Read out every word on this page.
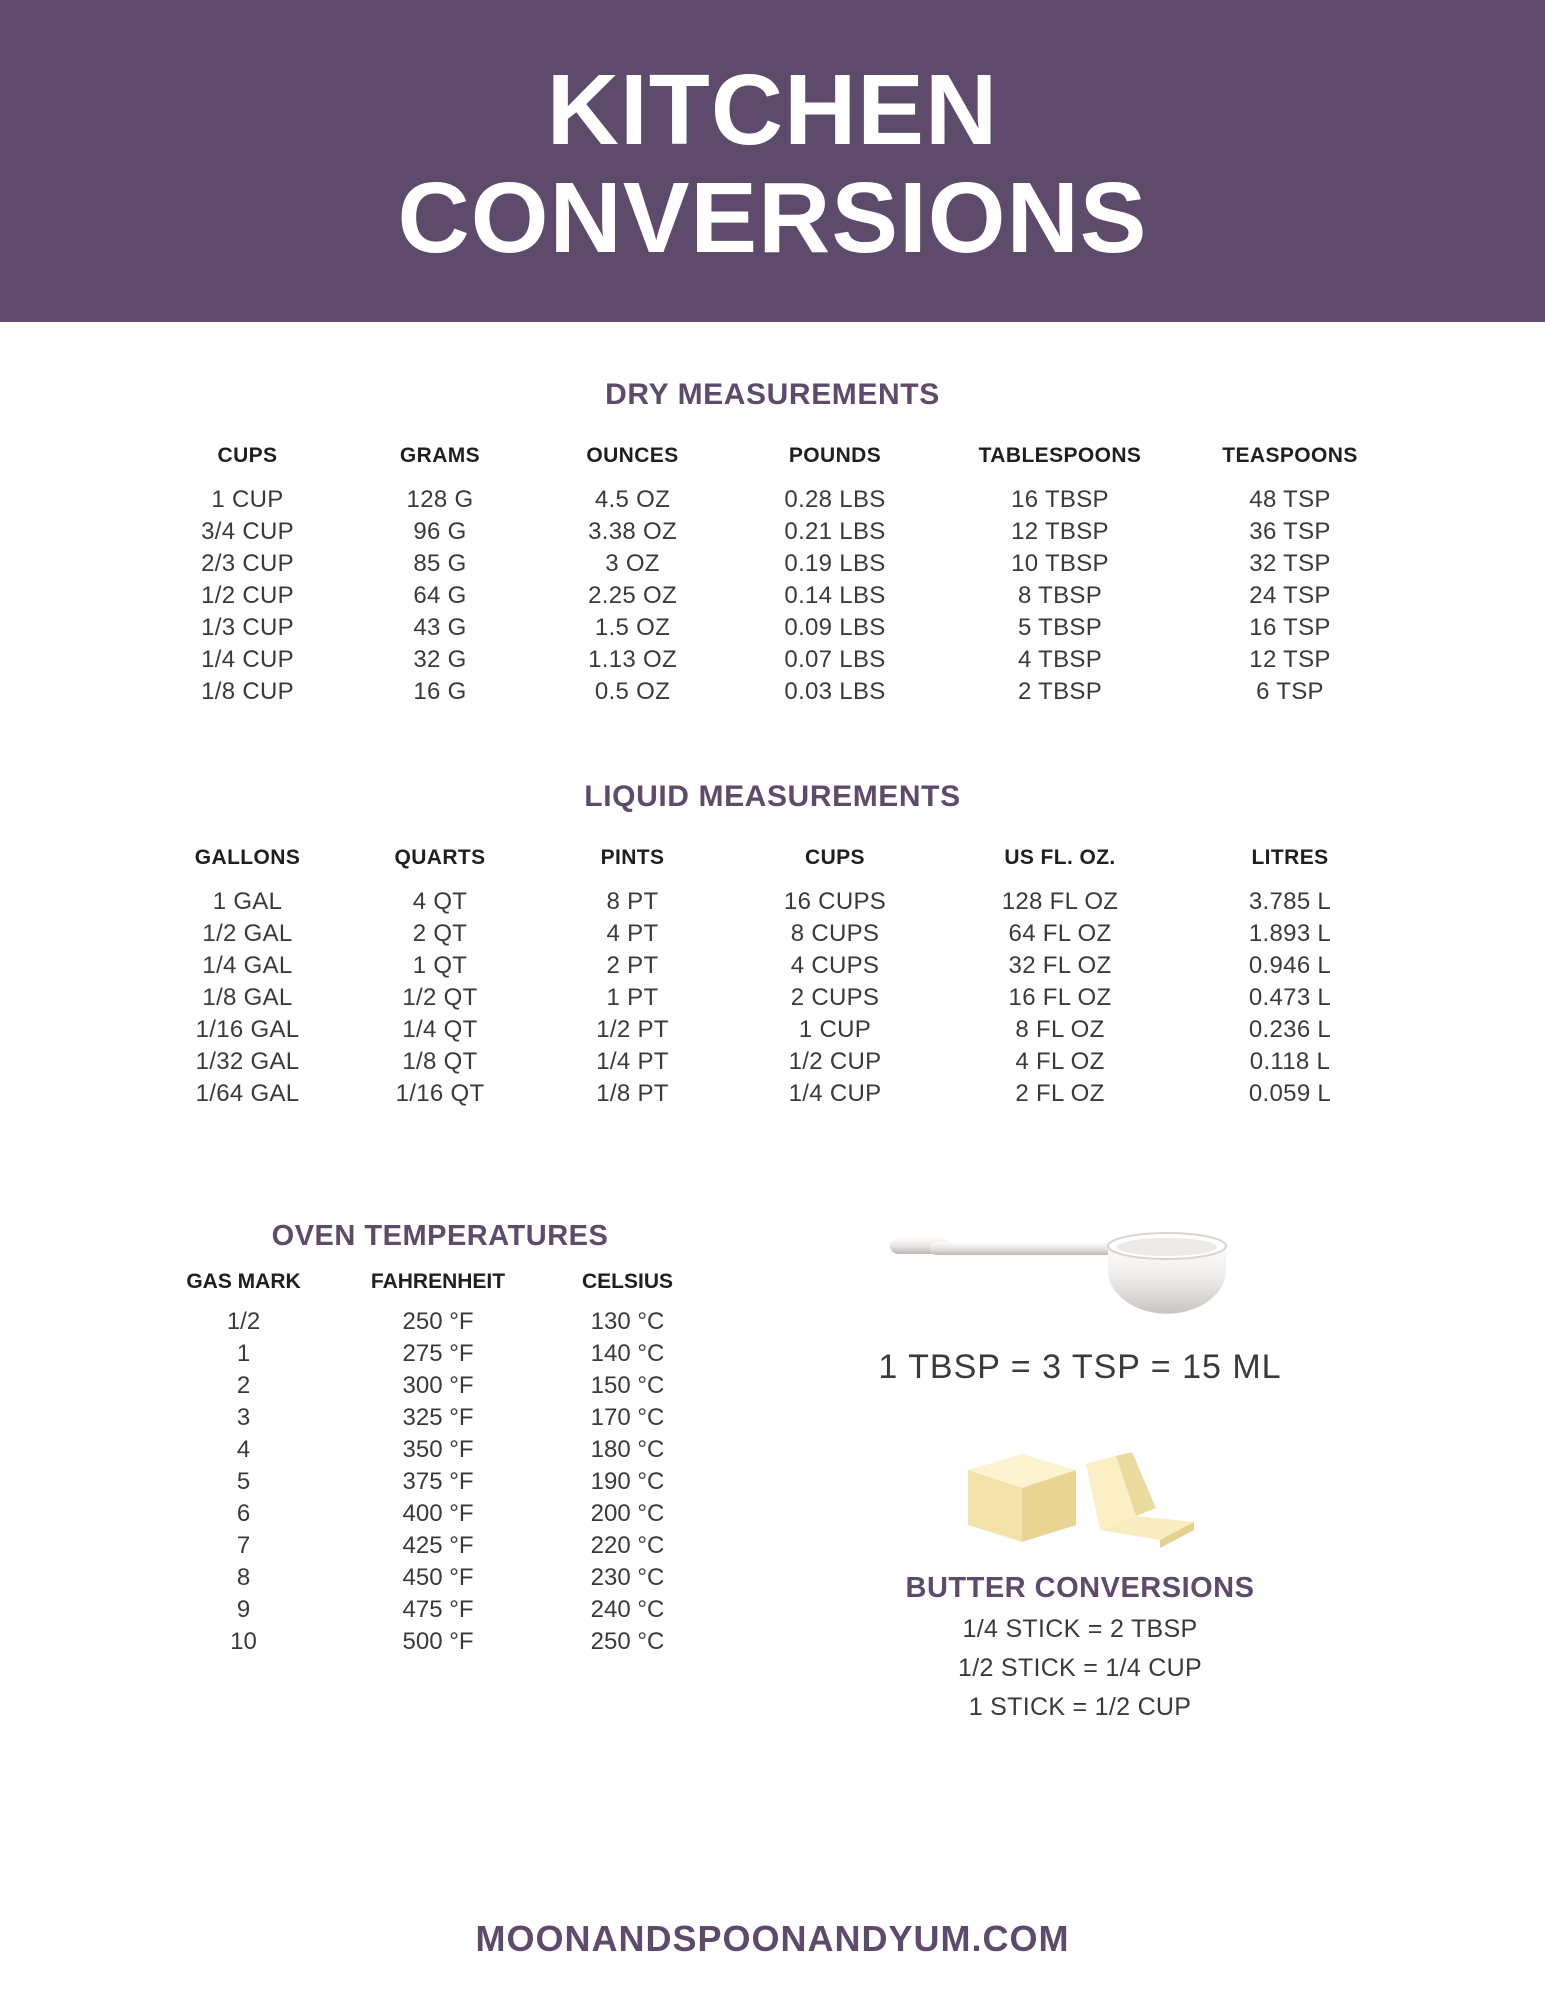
KITCHEN
CONVERSIONS
DRY MEASUREMENTS
CUPS	GRAMS	OUNCES	POUNDS	TABLESPOONS	TEASPOONS
1 CUP	128 G	4.5 OZ	0.28 LBS	16 TBSP	48 TSP
3/4 CUP	96 G	3.38 OZ	0.21 LBS	12 TBSP	36 TSP
2/3 CUP	85 G	3 OZ	0.19 LBS	10 TBSP	32 TSP
1/2 CUP	64 G	2.25 OZ	0.14 LBS	8 TBSP	24 TSP
1/3 CUP	43 G	1.5 OZ	0.09 LBS	5 TBSP	16 TSP
1/4 CUP	32 G	1.13 OZ	0.07 LBS	4 TBSP	12 TSP
1/8 CUP	16 G	0.5 OZ	0.03 LBS	2 TBSP	6 TSP
LIQUID MEASUREMENTS
GALLONS	QUARTS	PINTS	CUPS	US FL. OZ.	LITRES
1 GAL	4 QT	8 PT	16 CUPS	128 FL OZ	3.785 L
1/2 GAL	2 QT	4 PT	8 CUPS	64 FL OZ	1.893 L
1/4 GAL	1 QT	2 PT	4 CUPS	32 FL OZ	0.946 L
1/8 GAL	1/2 QT	1 PT	2 CUPS	16 FL OZ	0.473 L
1/16 GAL	1/4 QT	1/2 PT	1 CUP	8 FL OZ	0.236 L
1/32 GAL	1/8 QT	1/4 PT	1/2 CUP	4 FL OZ	0.118 L
1/64 GAL	1/16 QT	1/8 PT	1/4 CUP	2 FL OZ	0.059 L
OVEN TEMPERATURES
GAS MARK	FAHRENHEIT	CELSIUS
1/2	250 °F	130 °C
1	275 °F	140 °C
2	300 °F	150 °C
3	325 °F	170 °C
4	350 °F	180 °C
5	375 °F	190 °C
6	400 °F	200 °C
7	425 °F	220 °C
8	450 °F	230 °C
9	475 °F	240 °C
10	500 °F	250 °C
1 TBSP = 3 TSP = 15 ML
BUTTER CONVERSIONS
1/4 STICK = 2 TBSP
1/2 STICK = 1/4 CUP
1 STICK = 1/2 CUP
MOONANDSPOONANDYUM.COM
